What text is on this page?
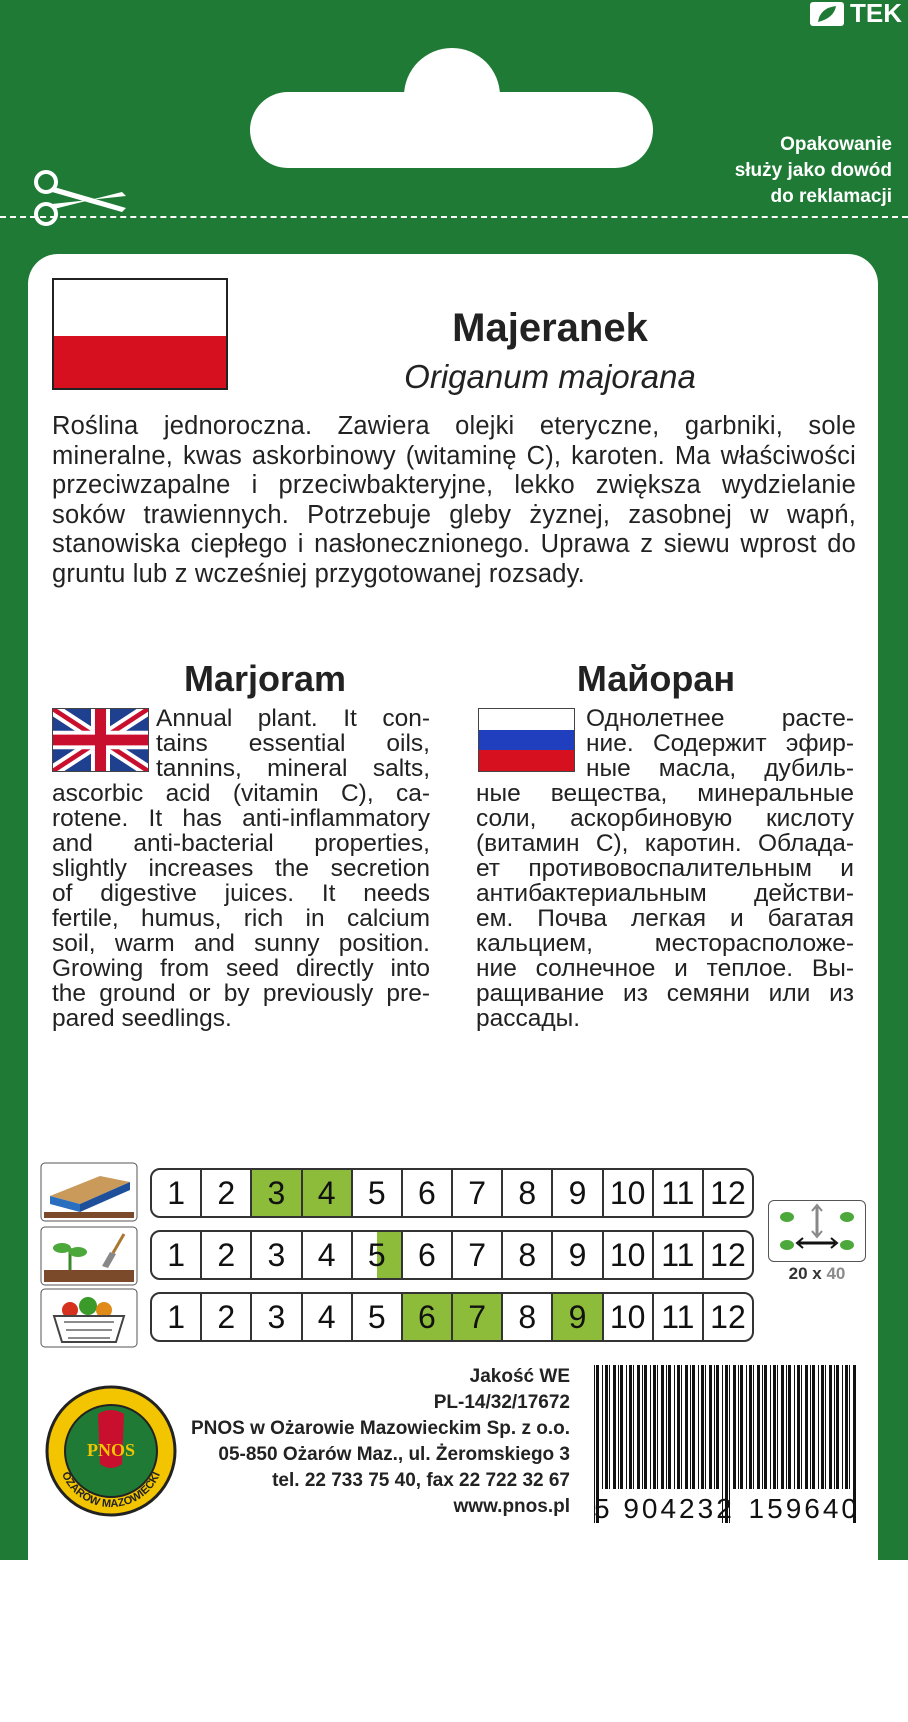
TEK
Opakowanie
służy jako dowód
do reklamacji
Majeranek
Origanum majorana
Roślina jednoroczna. Zawiera olejki eteryczne, garbniki, sole mineralne, kwas askorbinowy (witaminę C), karoten. Ma właściwości przeciwzapalne i przeciwbakteryjne, lekko zwiększa wydzielanie soków trawiennych. Potrzebuje gleby żyznej, zasobnej w wapń, stanowiska ciepłego i nasłonecznionego. Uprawa z siewu wprost do gruntu lub z wcześniej przygotowanej rozsady.
Marjoram	Майоран
Annual plant. It con-
tains essential oils,
tannins, mineral salts,
ascorbic acid (vitamin C), ca-
rotene. It has anti-inflammatory
and anti-bacterial properties,
slightly increases the secretion
of digestive juices. It needs
fertile, humus, rich in calcium
soil, warm and sunny position.
Growing from seed directly into
the ground or by previously pre-
pared seedlings.
Однолетнее расте-
ние. Содержит эфир-
ные масла, дубиль-
ные вещества, минеральные
соли, аскорбиновую кислоту
(витамин С), каротин. Облада-
ет противовоспалительным и
антибактериальным действи-
ем. Почва легкая и багатая
кальцием, месторасположе-
ние солнечное и теплое. Вы-
ращивание из семяни или из
рассады.
1	2	3	4	5	6	7	8	9 10 11 12
1	2	3	4	5	6	7	8	9 10 11 12
1	2	3	4	5	6	7	8	9 10 11 12
20 x 40
PNOS
OŻARÓW MAZOWIECKI
Jakość WE
PL-14/32/17672
PNOS w Ożarowie Mazowieckim Sp. z o.o.
05-850 Ożarów Maz., ul. Żeromskiego 3
tel. 22 733 75 40, fax 22 722 32 67
www.pnos.pl 5 904232 159640
